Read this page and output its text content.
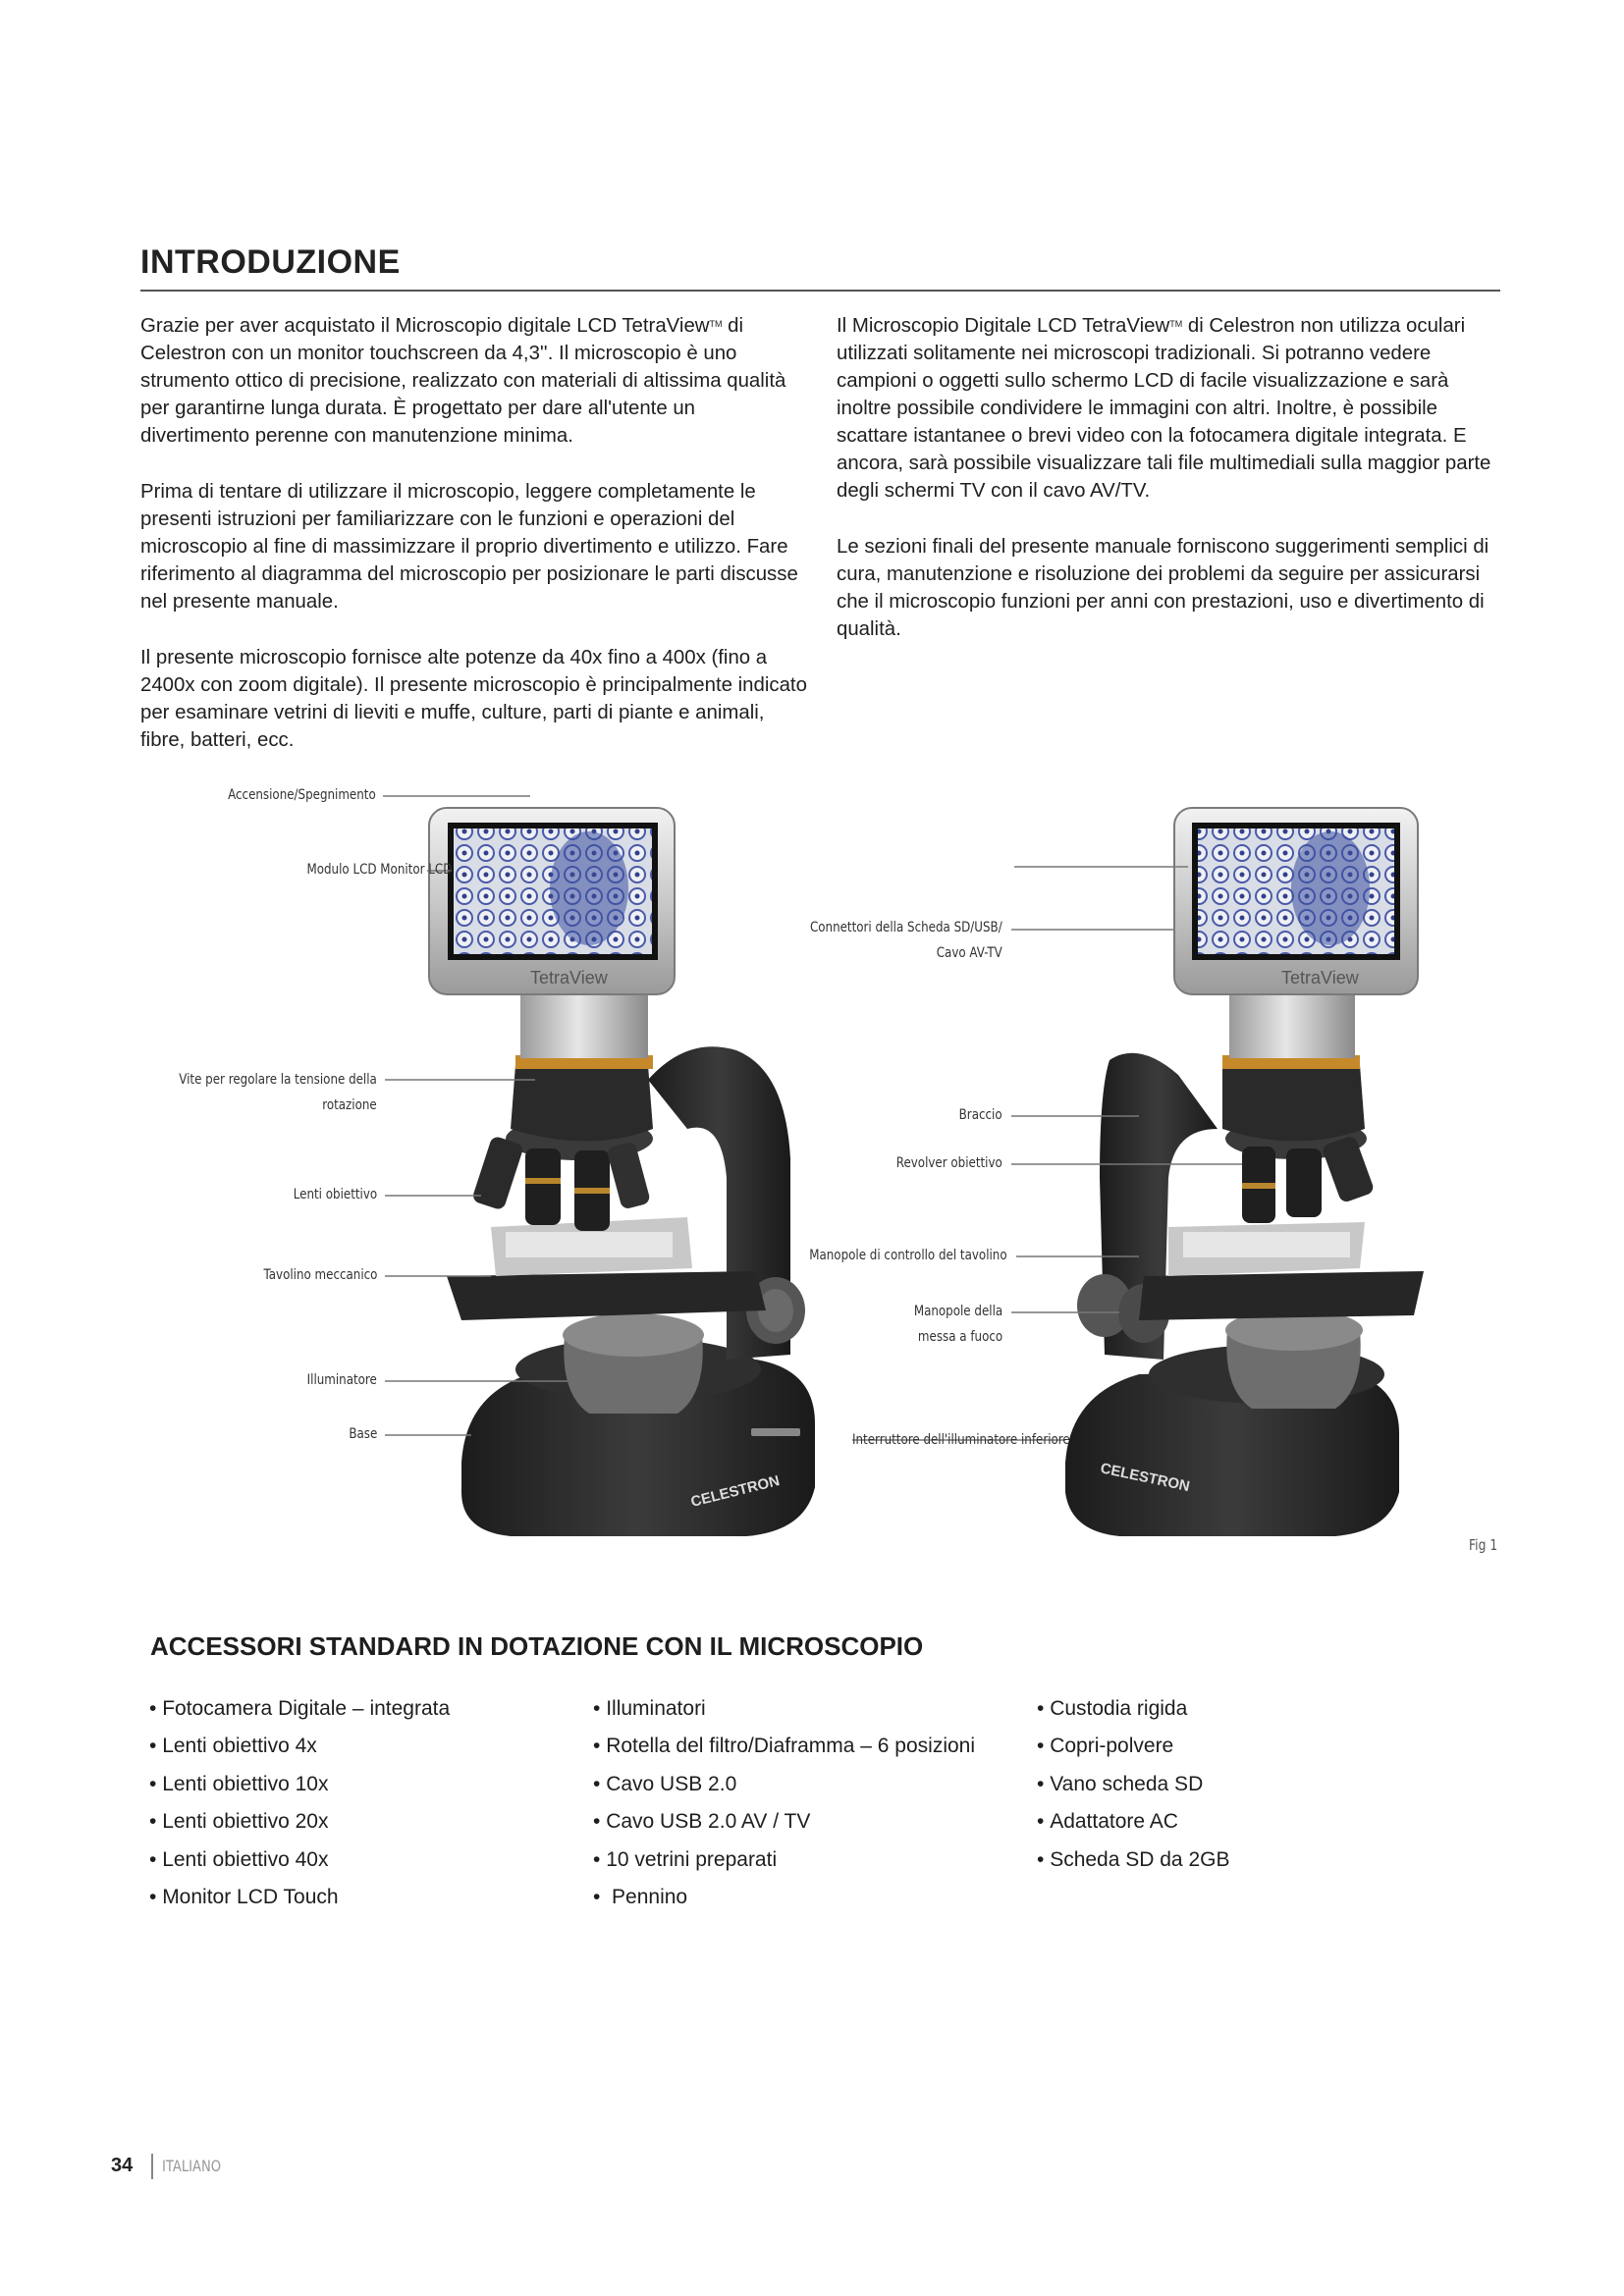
INTRODUZIONE

Grazie per aver acquistato il Microscopio digitale LCD TetraView™ di Celestron con un monitor touchscreen da 4,3''. Il microscopio è uno strumento ottico di precisione, realizzato con materiali di altissima qualità per garantirne lunga durata. È progettato per dare all'utente un divertimento perenne con manutenzione minima.

Prima di tentare di utilizzare il microscopio, leggere completamente le presenti istruzioni per familiarizzare con le funzioni e operazioni del microscopio al fine di massimizzare il proprio divertimento e utilizzo. Fare riferimento al diagramma del microscopio per posizionare le parti discusse nel presente manuale.

Il presente microscopio fornisce alte potenze da 40x fino a 400x (fino a 2400x con zoom digitale). Il presente microscopio è principalmente indicato per esaminare vetrini di lieviti e muffe, culture, parti di piante e animali, fibre, batteri, ecc.

Il Microscopio Digitale LCD TetraView™ di Celestron non utilizza oculari utilizzati solitamente nei microscopi tradizionali. Si potranno vedere campioni o oggetti sullo schermo LCD di facile visualizzazione e sarà inoltre possibile condividere le immagini con altri. Inoltre, è possibile scattare istantanee o brevi video con la fotocamera digitale integrata. E ancora, sarà possibile visualizzare tali file multimediali sulla maggior parte degli schermi TV con il cavo AV/TV.

Le sezioni finali del presente manuale forniscono suggerimenti semplici di cura, manutenzione e risoluzione dei problemi da seguire per assicurarsi che il microscopio funzioni per anni con prestazioni, uso e divertimento di qualità.

TetraView
CELESTRON
TetraView
CELESTRON
Accensione/Spegnimento
Modulo LCD Monitor LCD
Vite per regolare la tensione della
rotazione
Lenti obiettivo
Tavolino meccanico
Illuminatore
Base
Connettori della Scheda SD/USB/
Cavo AV-TV
Braccio
Revolver obiettivo
Manopole di controllo del tavolino
Manopole della
messa a fuoco
Interruttore dell'illuminatore inferiore
Fig 1
ACCESSORI STANDARD IN DOTAZIONE CON IL MICROSCOPIO
• Fotocamera Digitale – integrata
• Lenti obiettivo 4x
• Lenti obiettivo 10x
• Lenti obiettivo 20x
• Lenti obiettivo 40x
• Monitor LCD Touch
• Illuminatori
• Rotella del filtro/Diaframma – 6 posizioni
• Cavo USB 2.0
• Cavo USB 2.0 AV / TV
• 10 vetrini preparati
•  Pennino
• Custodia rigida
• Copri-polvere
• Vano scheda SD
• Adattatore AC
• Scheda SD da 2GB
34 ITALIANO
